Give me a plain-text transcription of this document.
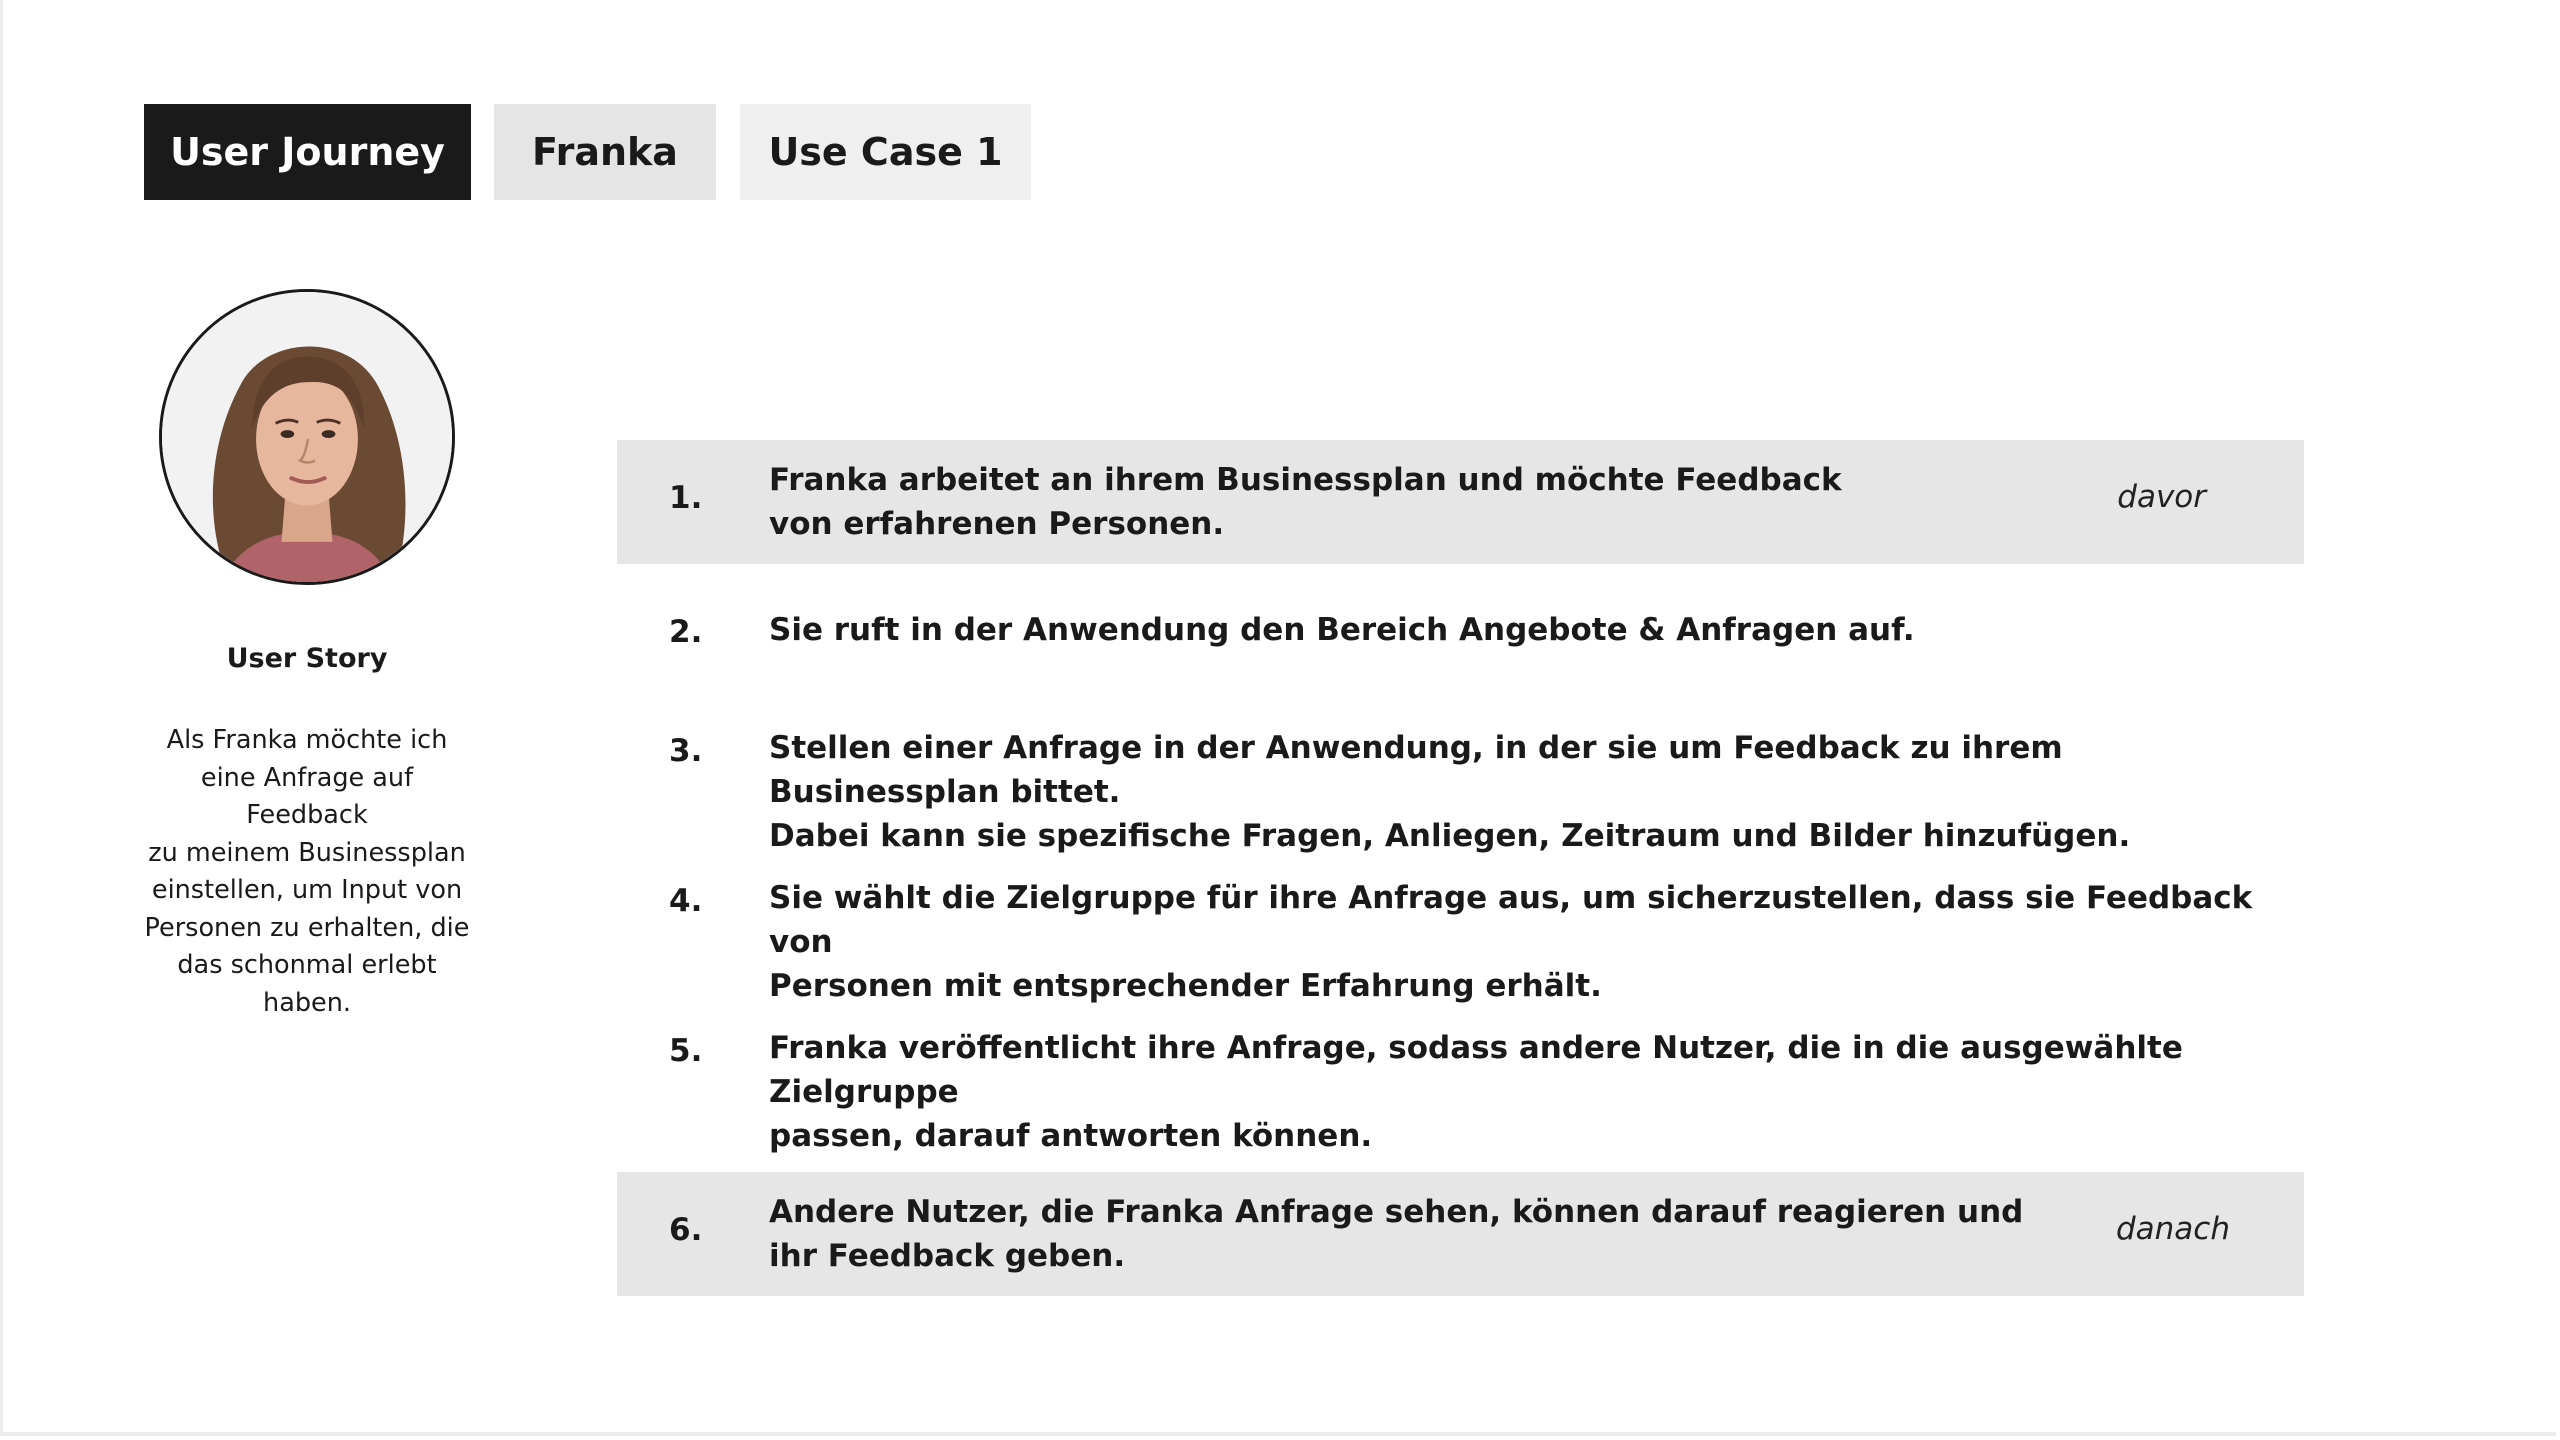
User Journey	Franka	Use Case 1
User Story
Als Franka möchte ich
eine Anfrage auf Feedback
zu meinem Businessplan
einstellen, um Input von
Personen zu erhalten, die
das schonmal erlebt
haben.
1. Franka arbeitet an ihrem Businessplan und möchte Feedback
von erfahrenen Personen.
davor
2. Sie ruft in der Anwendung den Bereich Angebote & Anfragen auf.
3. Stellen einer Anfrage in der Anwendung, in der sie um Feedback zu ihrem Businessplan bittet.
Dabei kann sie spezifische Fragen, Anliegen, Zeitraum und Bilder hinzufügen.
4. Sie wählt die Zielgruppe für ihre Anfrage aus, um sicherzustellen, dass sie Feedback von
Personen mit entsprechender Erfahrung erhält.
5. Franka veröffentlicht ihre Anfrage, sodass andere Nutzer, die in die ausgewählte Zielgruppe
passen, darauf antworten können.
6. Andere Nutzer, die Franka Anfrage sehen, können darauf reagieren und
ihr Feedback geben.
danach
